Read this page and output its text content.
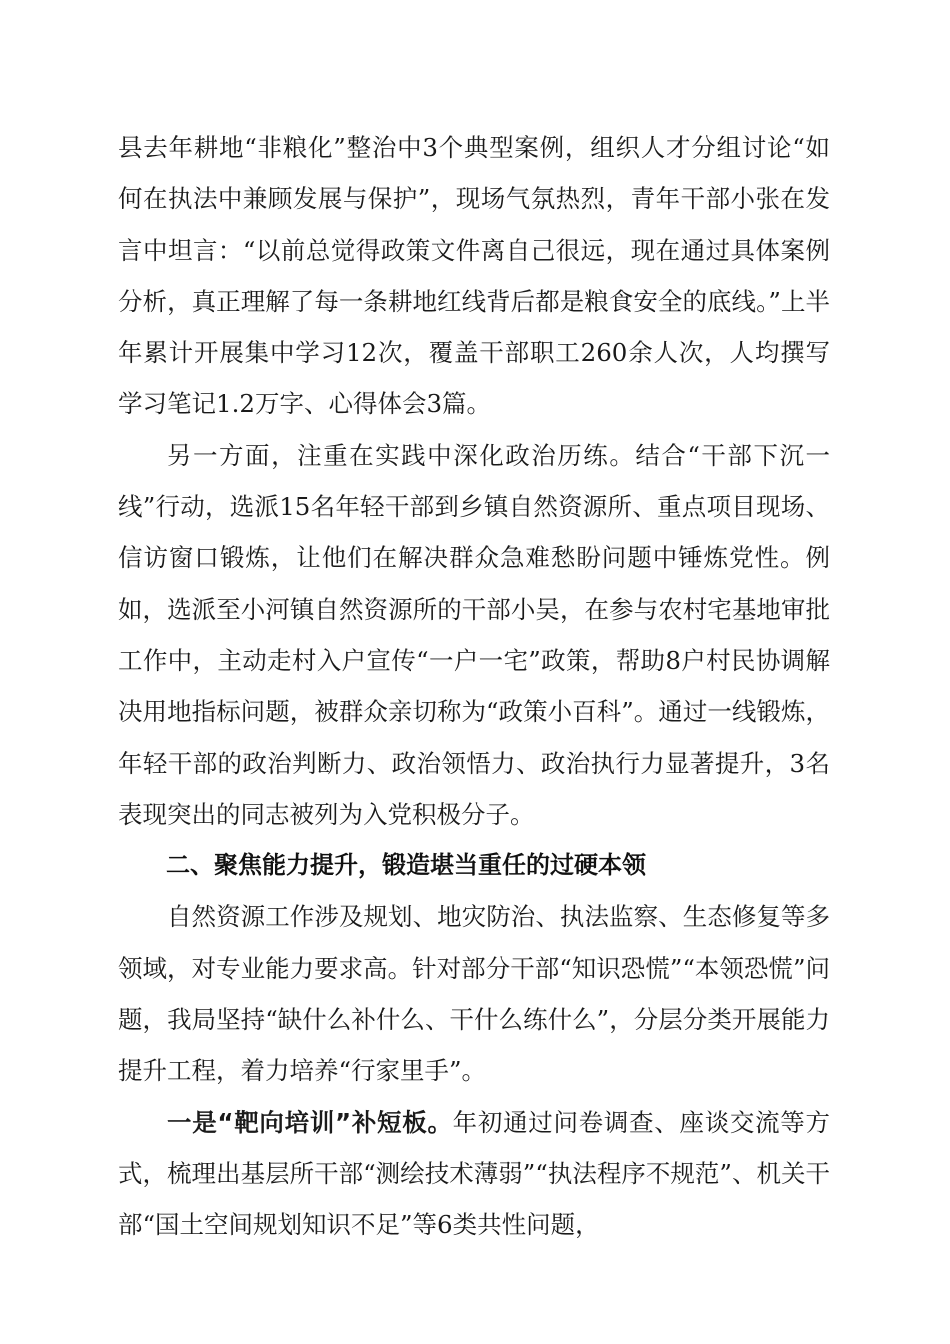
县去年耕地“非粮化”整治中3个典型案例，组织人才分组讨论“如何在执法中兼顾发展与保护”，现场气氛热烈，青年干部小张在发言中坦言：“以前总觉得政策文件离自己很远，现在通过具体案例分析，真正理解了每一条耕地红线背后都是粮食安全的底线。”上半年累计开展集中学习12次，覆盖干部职工260余人次，人均撰写学习笔记1.2万字、心得体会3篇。

另一方面，注重在实践中深化政治历练。结合“干部下沉一线”行动，选派15名年轻干部到乡镇自然资源所、重点项目现场、信访窗口锻炼，让他们在解决群众急难愁盼问题中锤炼党性。例如，选派至小河镇自然资源所的干部小吴，在参与农村宅基地审批工作中，主动走村入户宣传“一户一宅”政策，帮助8户村民协调解决用地指标问题，被群众亲切称为“政策小百科”。通过一线锻炼，年轻干部的政治判断力、政治领悟力、政治执行力显著提升，3名表现突出的同志被列为入党积极分子。

二、聚焦能力提升，锻造堪当重任的过硬本领

自然资源工作涉及规划、地灾防治、执法监察、生态修复等多领域，对专业能力要求高。针对部分干部“知识恐慌”“本领恐慌”问题，我局坚持“缺什么补什么、干什么练什么”，分层分类开展能力提升工程，着力培养“行家里手”。

一是“靶向培训”补短板。年初通过问卷调查、座谈交流等方式，梳理出基层所干部“测绘技术薄弱”“执法程序不规范”、机关干部“国土空间规划知识不足”等6类共性问题，
